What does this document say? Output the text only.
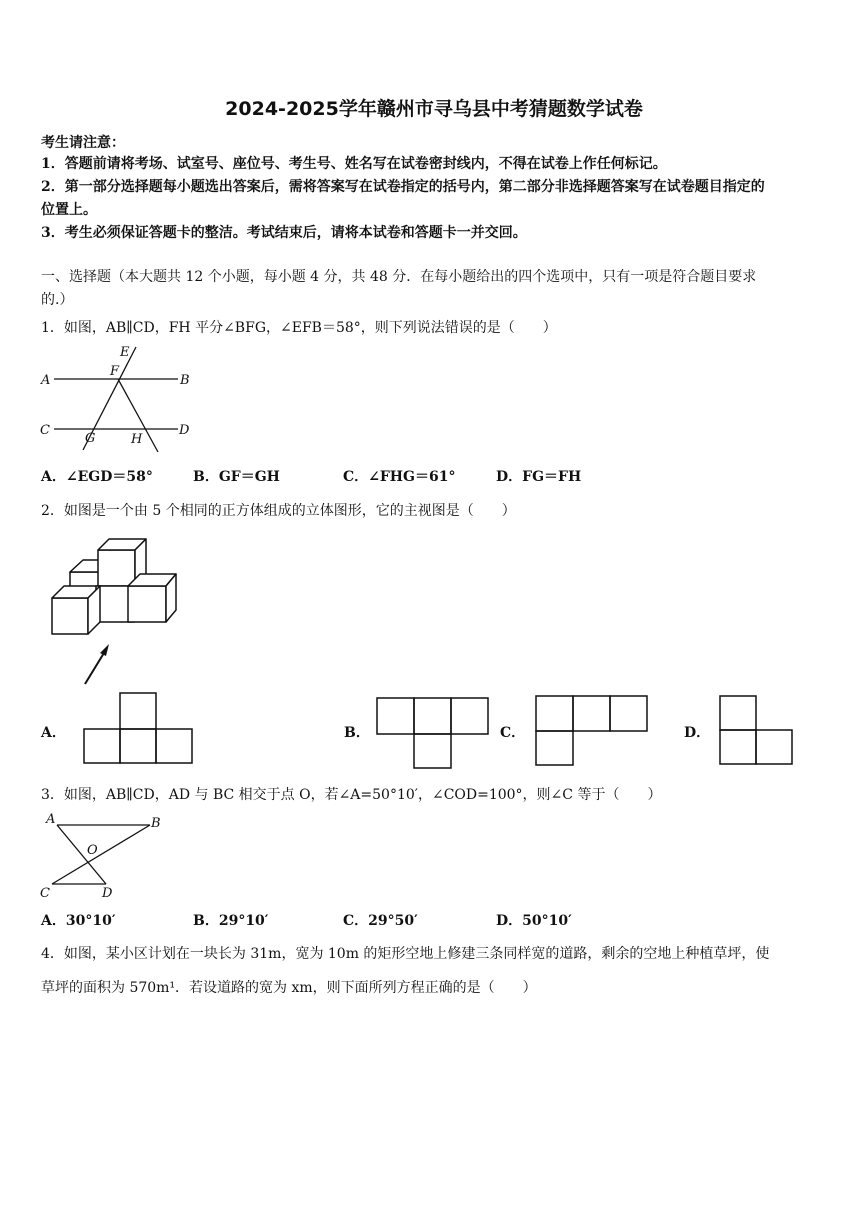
2024-2025学年赣州市寻乌县中考猜题数学试卷
考生请注意：
1．答题前请将考场、试室号、座位号、考生号、姓名写在试卷密封线内，不得在试卷上作任何标记。
2．第一部分选择题每小题选出答案后，需将答案写在试卷指定的括号内，第二部分非选择题答案写在试卷题目指定的
位置上。
3．考生必须保证答题卡的整洁。考试结束后，请将本试卷和答题卡一并交回。
一、选择题（本大题共 12 个小题，每小题 4 分，共 48 分．在每小题给出的四个选项中，只有一项是符合题目要求
的.）
1．如图，AB∥CD，FH 平分∠BFG，∠EFB＝58°，则下列说法错误的是（　　）
E
F
A	B
C	D
G	H
A．∠EGD＝58°	B．GF＝GH	C．∠FHG＝61°	D．FG＝FH
2．如图是一个由 5 个相同的正方体组成的立体图形，它的主视图是（　　）
A．	B．	C．	D．
3．如图，AB∥CD，AD 与 BC 相交于点 O，若∠A=50°10′，∠COD=100°，则∠C 等于（　　）
A	B
O
C	D
A．30°10′	B．29°10′	C．29°50′	D．50°10′
4．如图，某小区计划在一块长为 31m，宽为 10m 的矩形空地上修建三条同样宽的道路，剩余的空地上种植草坪，使
草坪的面积为 570m¹．若设道路的宽为 xm，则下面所列方程正确的是（　　）
